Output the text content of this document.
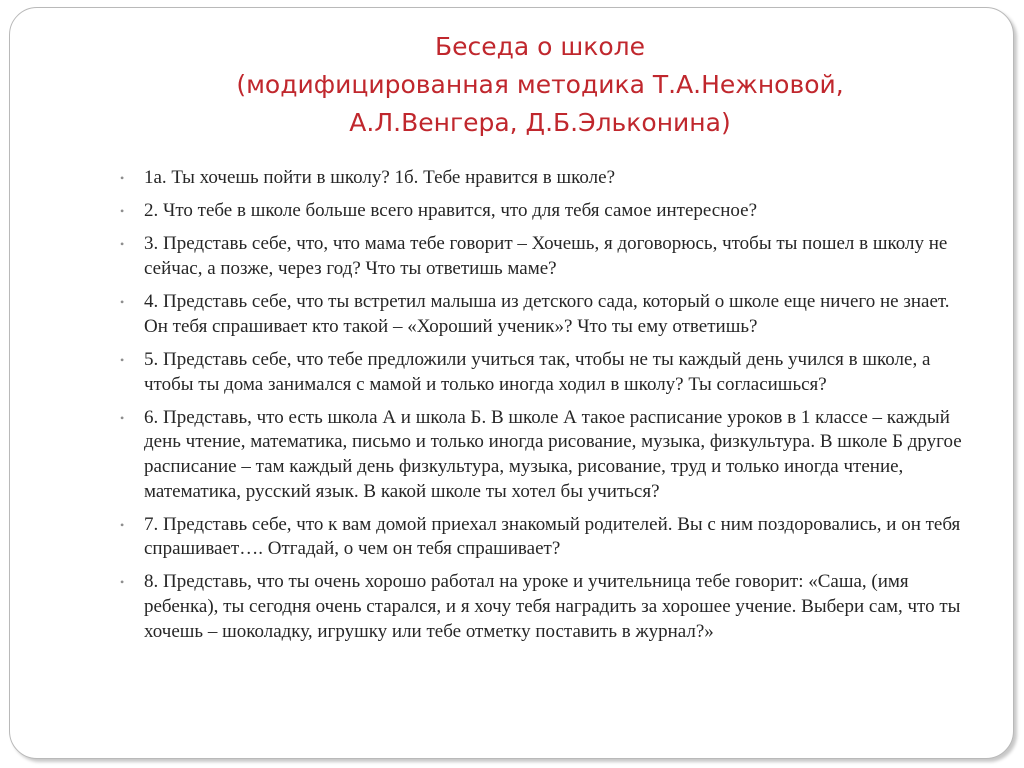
Беседа о школе
(модифицированная методика Т.А.Нежновой,
А.Л.Венгера, Д.Б.Эльконина)
• 1а. Ты хочешь пойти в школу? 1б. Тебе нравится в школе?
• 2. Что тебе в школе больше всего нравится, что для тебя самое интересное?
• 3. Представь себе, что, что мама тебе говорит – Хочешь, я договорюсь, чтобы ты пошел в школу не сейчас, а позже, через год? Что ты ответишь маме?
• 4. Представь себе, что ты встретил малыша из детского сада, который о школе еще ничего не знает. Он тебя спрашивает кто такой – «Хороший ученик»? Что ты ему ответишь?
• 5. Представь себе, что тебе предложили учиться так, чтобы не ты каждый день учился в школе, а чтобы ты дома занимался с мамой и только иногда ходил в школу? Ты согласишься?
• 6. Представь, что есть школа А и школа Б. В школе А такое расписание уроков в 1 классе – каждый день чтение, математика, письмо и только иногда рисование, музыка, физкультура. В школе Б другое расписание – там каждый день физкультура, музыка, рисование, труд и только иногда чтение, математика, русский язык. В какой школе ты хотел бы учиться?
• 7. Представь себе, что к вам домой приехал знакомый родителей. Вы с ним поздоровались, и он тебя спрашивает…. Отгадай, о чем он тебя спрашивает?
• 8. Представь, что ты очень хорошо работал на уроке и учительница тебе говорит: «Саша, (имя ребенка), ты сегодня очень старался, и я хочу тебя наградить за хорошее учение. Выбери сам, что ты хочешь – шоколадку, игрушку или тебе отметку поставить в журнал?»
